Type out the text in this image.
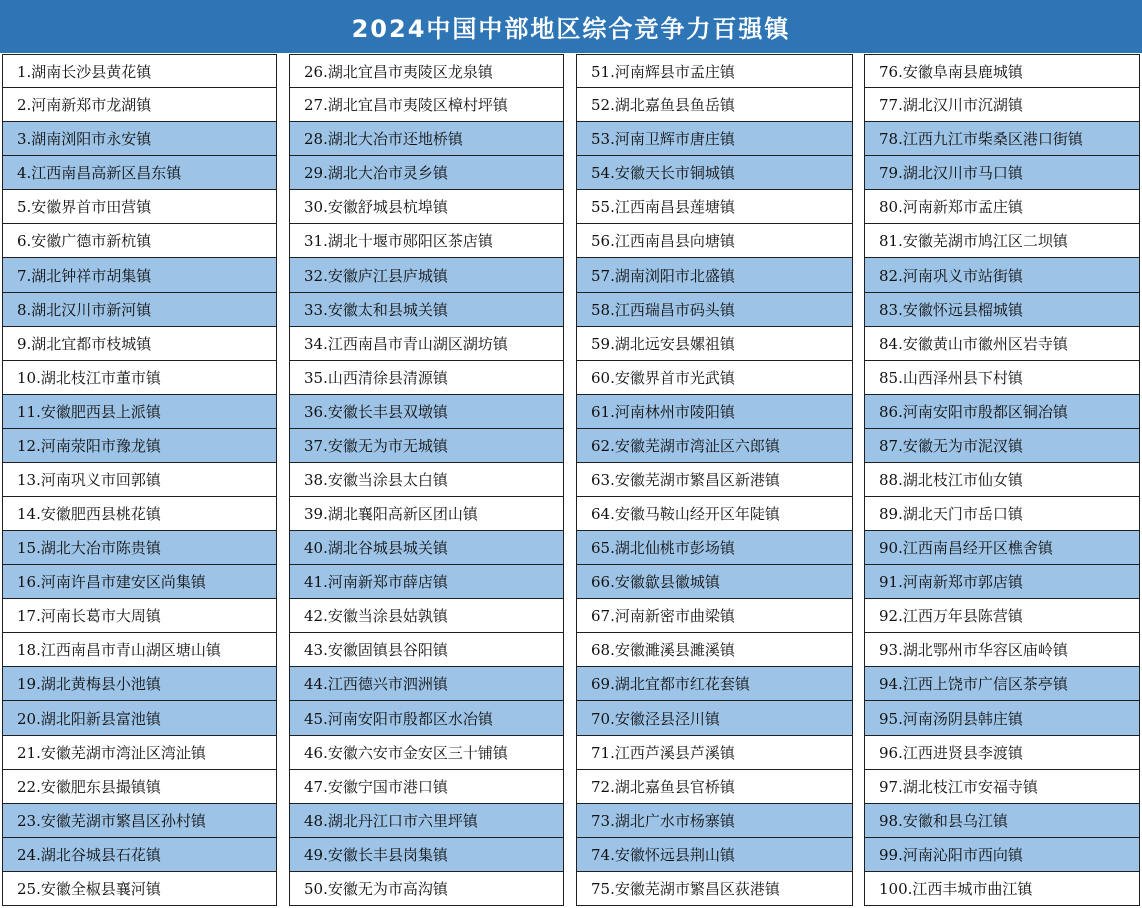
2024中国中部地区综合竞争力百强镇
1.湖南长沙县黄花镇
2.河南新郑市龙湖镇
3.湖南浏阳市永安镇
4.江西南昌高新区昌东镇
5.安徽界首市田营镇
6.安徽广德市新杭镇
7.湖北钟祥市胡集镇
8.湖北汉川市新河镇
9.湖北宜都市枝城镇
10.湖北枝江市董市镇
11.安徽肥西县上派镇
12.河南荥阳市豫龙镇
13.河南巩义市回郭镇
14.安徽肥西县桃花镇
15.湖北大冶市陈贵镇
16.河南许昌市建安区尚集镇
17.河南长葛市大周镇
18.江西南昌市青山湖区塘山镇
19.湖北黄梅县小池镇
20.湖北阳新县富池镇
21.安徽芜湖市湾沚区湾沚镇
22.安徽肥东县撮镇镇
23.安徽芜湖市繁昌区孙村镇
24.湖北谷城县石花镇
25.安徽全椒县襄河镇
26.湖北宜昌市夷陵区龙泉镇
27.湖北宜昌市夷陵区樟村坪镇
28.湖北大冶市还地桥镇
29.湖北大冶市灵乡镇
30.安徽舒城县杭埠镇
31.湖北十堰市郧阳区茶店镇
32.安徽庐江县庐城镇
33.安徽太和县城关镇
34.江西南昌市青山湖区湖坊镇
35.山西清徐县清源镇
36.安徽长丰县双墩镇
37.安徽无为市无城镇
38.安徽当涂县太白镇
39.湖北襄阳高新区团山镇
40.湖北谷城县城关镇
41.河南新郑市薛店镇
42.安徽当涂县姑孰镇
43.安徽固镇县谷阳镇
44.江西德兴市泗洲镇
45.河南安阳市殷都区水冶镇
46.安徽六安市金安区三十铺镇
47.安徽宁国市港口镇
48.湖北丹江口市六里坪镇
49.安徽长丰县岗集镇
50.安徽无为市高沟镇
51.河南辉县市孟庄镇
52.湖北嘉鱼县鱼岳镇
53.河南卫辉市唐庄镇
54.安徽天长市铜城镇
55.江西南昌县莲塘镇
56.江西南昌县向塘镇
57.湖南浏阳市北盛镇
58.江西瑞昌市码头镇
59.湖北远安县嫘祖镇
60.安徽界首市光武镇
61.河南林州市陵阳镇
62.安徽芜湖市湾沚区六郎镇
63.安徽芜湖市繁昌区新港镇
64.安徽马鞍山经开区年陡镇
65.湖北仙桃市彭场镇
66.安徽歙县徽城镇
67.河南新密市曲梁镇
68.安徽濉溪县濉溪镇
69.湖北宜都市红花套镇
70.安徽泾县泾川镇
71.江西芦溪县芦溪镇
72.湖北嘉鱼县官桥镇
73.湖北广水市杨寨镇
74.安徽怀远县荆山镇
75.安徽芜湖市繁昌区荻港镇
76.安徽阜南县鹿城镇
77.湖北汉川市沉湖镇
78.江西九江市柴桑区港口街镇
79.湖北汉川市马口镇
80.河南新郑市孟庄镇
81.安徽芜湖市鸠江区二坝镇
82.河南巩义市站街镇
83.安徽怀远县榴城镇
84.安徽黄山市徽州区岩寺镇
85.山西泽州县下村镇
86.河南安阳市殷都区铜冶镇
87.安徽无为市泥汊镇
88.湖北枝江市仙女镇
89.湖北天门市岳口镇
90.江西南昌经开区樵舍镇
91.河南新郑市郭店镇
92.江西万年县陈营镇
93.湖北鄂州市华容区庙岭镇
94.江西上饶市广信区茶亭镇
95.河南汤阴县韩庄镇
96.江西进贤县李渡镇
97.湖北枝江市安福寺镇
98.安徽和县乌江镇
99.河南沁阳市西向镇
100.江西丰城市曲江镇
